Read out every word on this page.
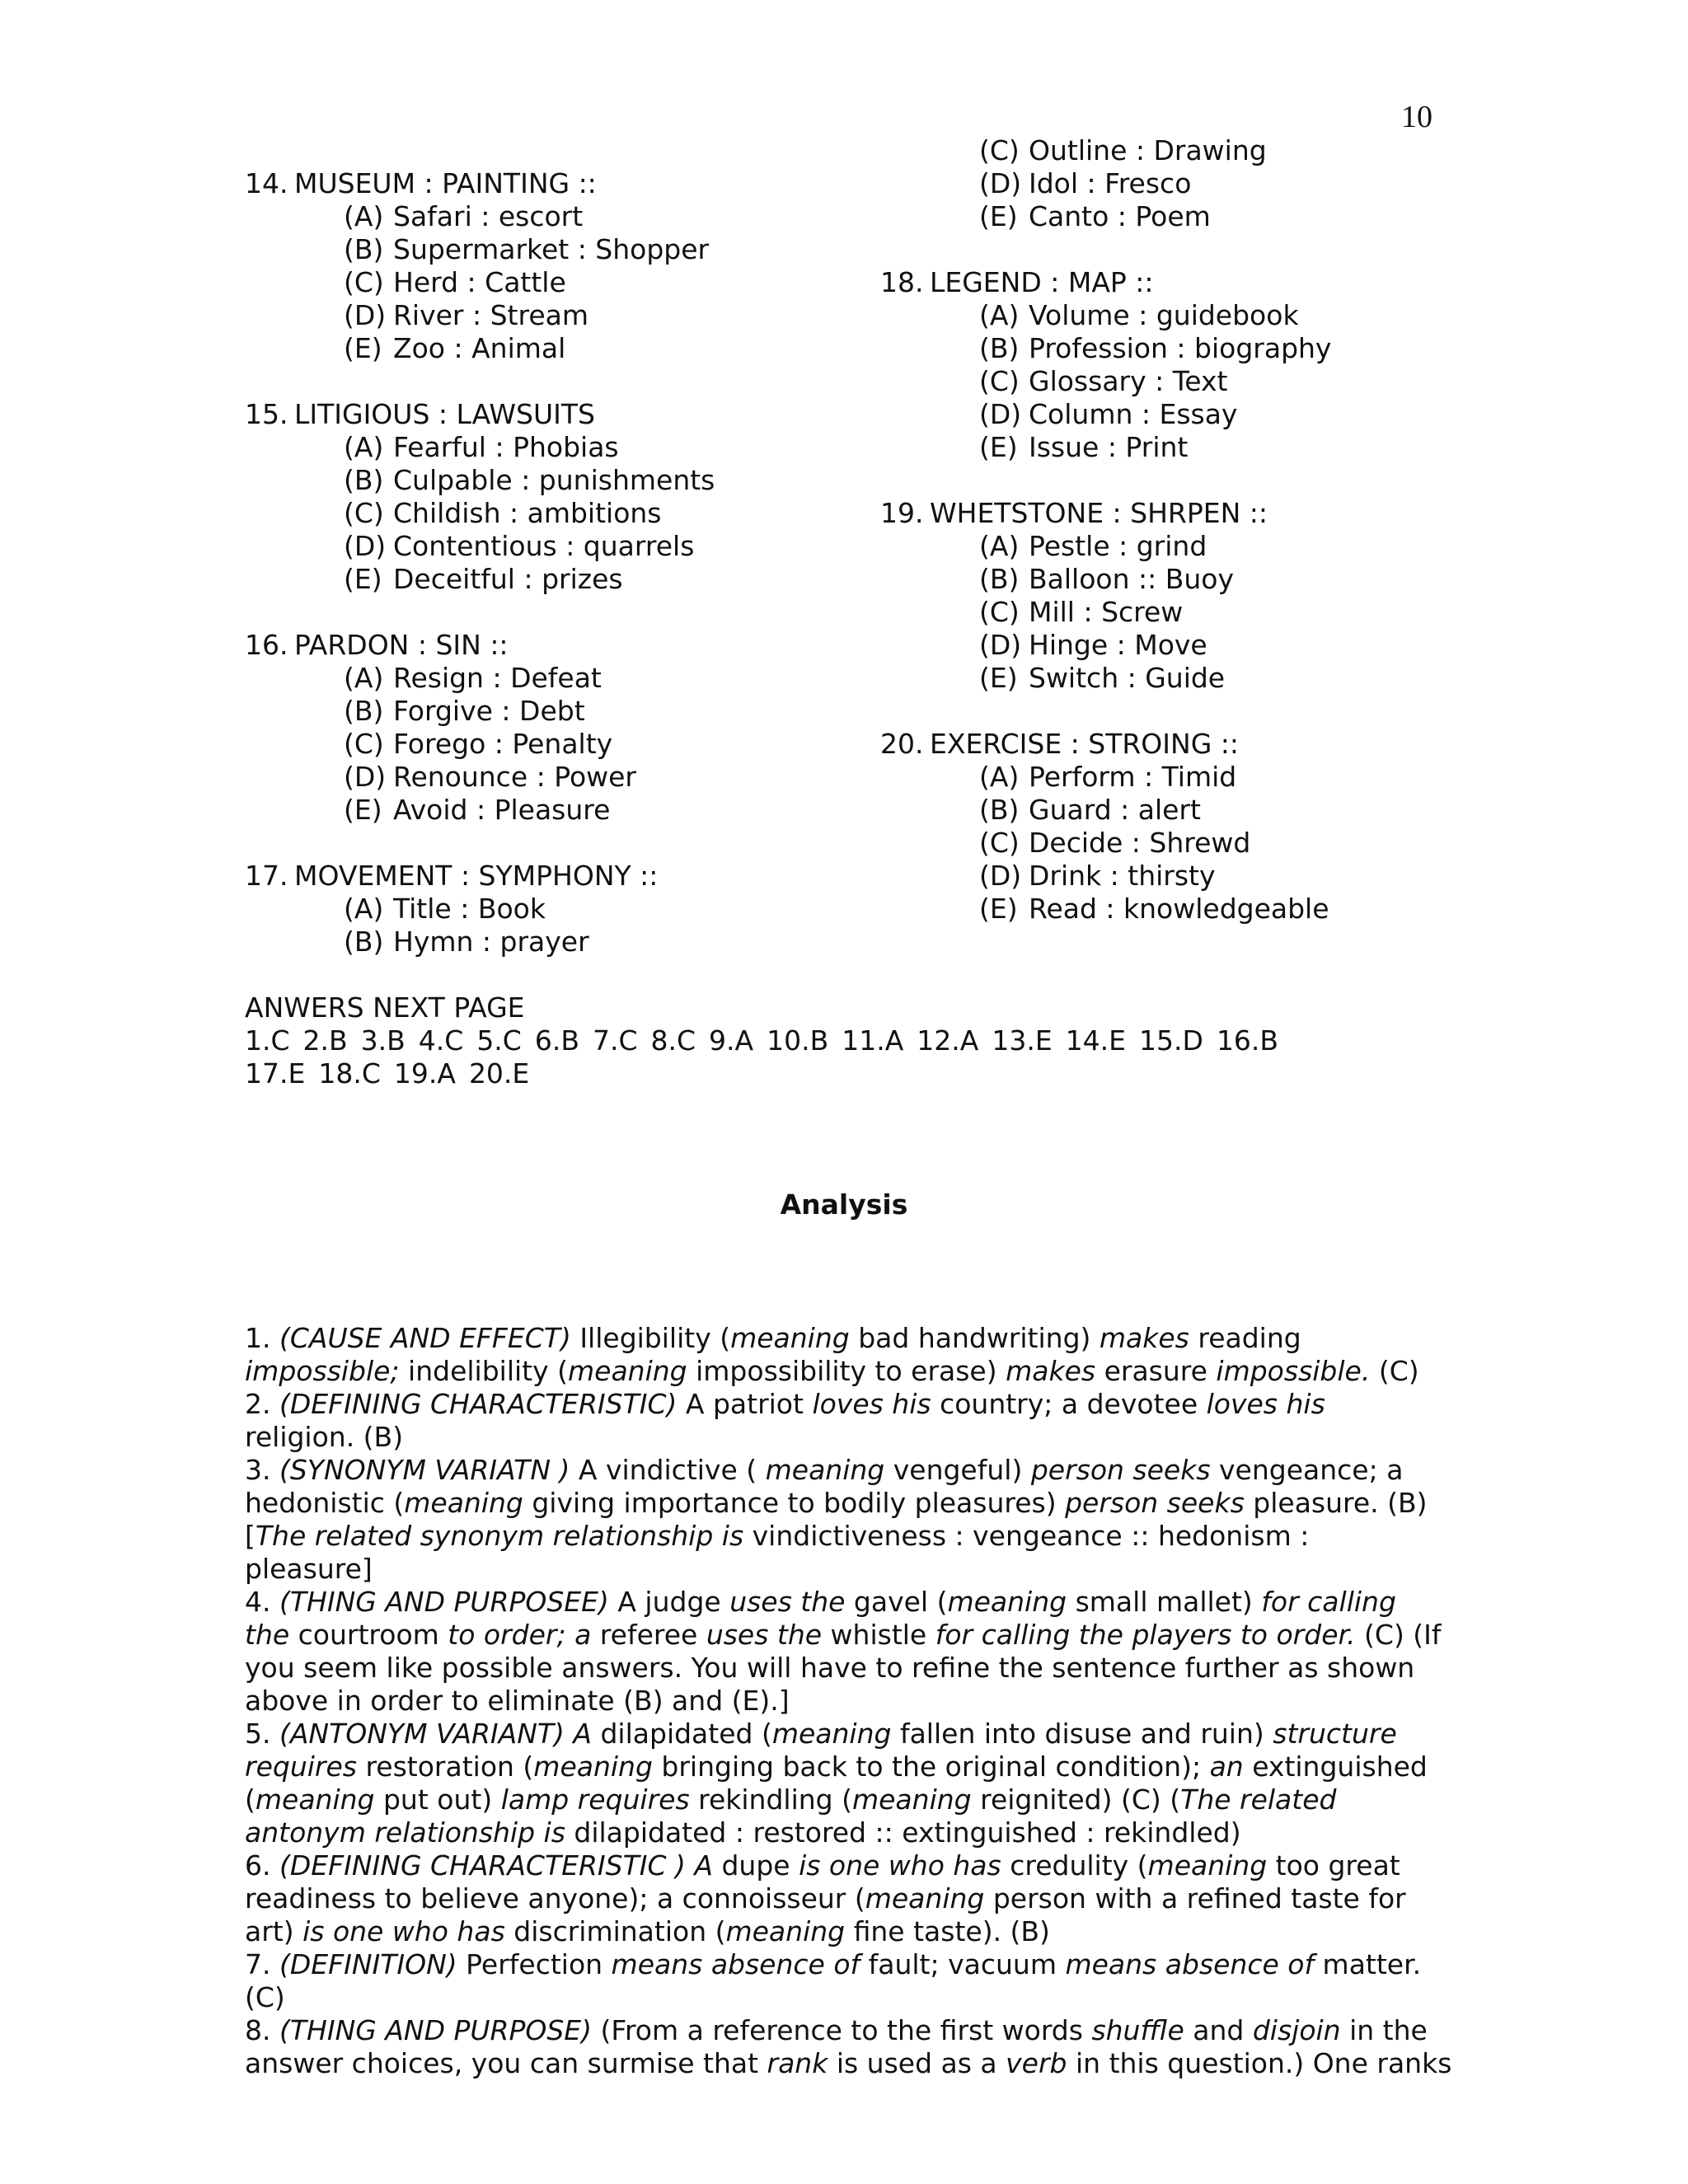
10
14. MUSEUM : PAINTING ::
(A) Safari : escort
(B) Supermarket : Shopper
(C) Herd : Cattle
(D) River : Stream
(E) Zoo : Animal
15. LITIGIOUS : LAWSUITS
(A) Fearful : Phobias
(B) Culpable : punishments
(C) Childish : ambitions
(D) Contentious : quarrels
(E) Deceitful : prizes
16. PARDON : SIN ::
(A) Resign : Defeat
(B) Forgive : Debt
(C) Forego : Penalty
(D) Renounce : Power
(E) Avoid : Pleasure
17. MOVEMENT : SYMPHONY ::
(A) Title : Book
(B) Hymn : prayer
(C) Outline : Drawing
(D) Idol : Fresco
(E) Canto : Poem
18. LEGEND : MAP ::
(A) Volume : guidebook
(B) Profession : biography
(C) Glossary : Text
(D) Column : Essay
(E) Issue : Print
19. WHETSTONE : SHRPEN ::
(A) Pestle : grind
(B) Balloon :: Buoy
(C) Mill : Screw
(D) Hinge : Move
(E) Switch : Guide
20. EXERCISE : STROING ::
(A) Perform : Timid
(B) Guard : alert
(C) Decide : Shrewd
(D) Drink : thirsty
(E) Read : knowledgeable
ANWERS NEXT PAGE
1.C 2.B 3.B 4.C 5.C 6.B 7.C 8.C 9.A 10.B 11.A 12.A 13.E 14.E 15.D 16.B
17.E 18.C 19.A 20.E
Analysis

1. (CAUSE AND EFFECT) Illegibility (meaning bad handwriting) makes reading

impossible; indelibility (meaning impossibility to erase) makes erasure impossible. (C)

2. (DEFINING CHARACTERISTIC) A patriot loves his country; a devotee loves his

religion. (B)

3. (SYNONYM VARIATN ) A vindictive ( meaning vengeful) person seeks vengeance; a

hedonistic (meaning giving importance to bodily pleasures) person seeks pleasure. (B)

[The related synonym relationship is vindictiveness : vengeance :: hedonism :

pleasure]

4. (THING AND PURPOSEE) A judge uses the gavel (meaning small mallet) for calling

the courtroom to order; a referee uses the whistle for calling the players to order. (C) (If

you seem like possible answers. You will have to refine the sentence further as shown

above in order to eliminate (B) and (E).]

5. (ANTONYM VARIANT) A dilapidated (meaning fallen into disuse and ruin) structure

requires restoration (meaning bringing back to the original condition); an extinguished

(meaning put out) lamp requires rekindling (meaning reignited) (C) (The related

antonym relationship is dilapidated : restored :: extinguished : rekindled)

6. (DEFINING CHARACTERISTIC ) A dupe is one who has credulity (meaning too great

readiness to believe anyone); a connoisseur (meaning person with a refined taste for

art) is one who has discrimination (meaning fine taste). (B)

7. (DEFINITION) Perfection means absence of fault; vacuum means absence of matter.

(C)

8. (THING AND PURPOSE) (From a reference to the first words shuffle and disjoin in the

answer choices, you can surmise that rank is used as a verb in this question.) One ranks
